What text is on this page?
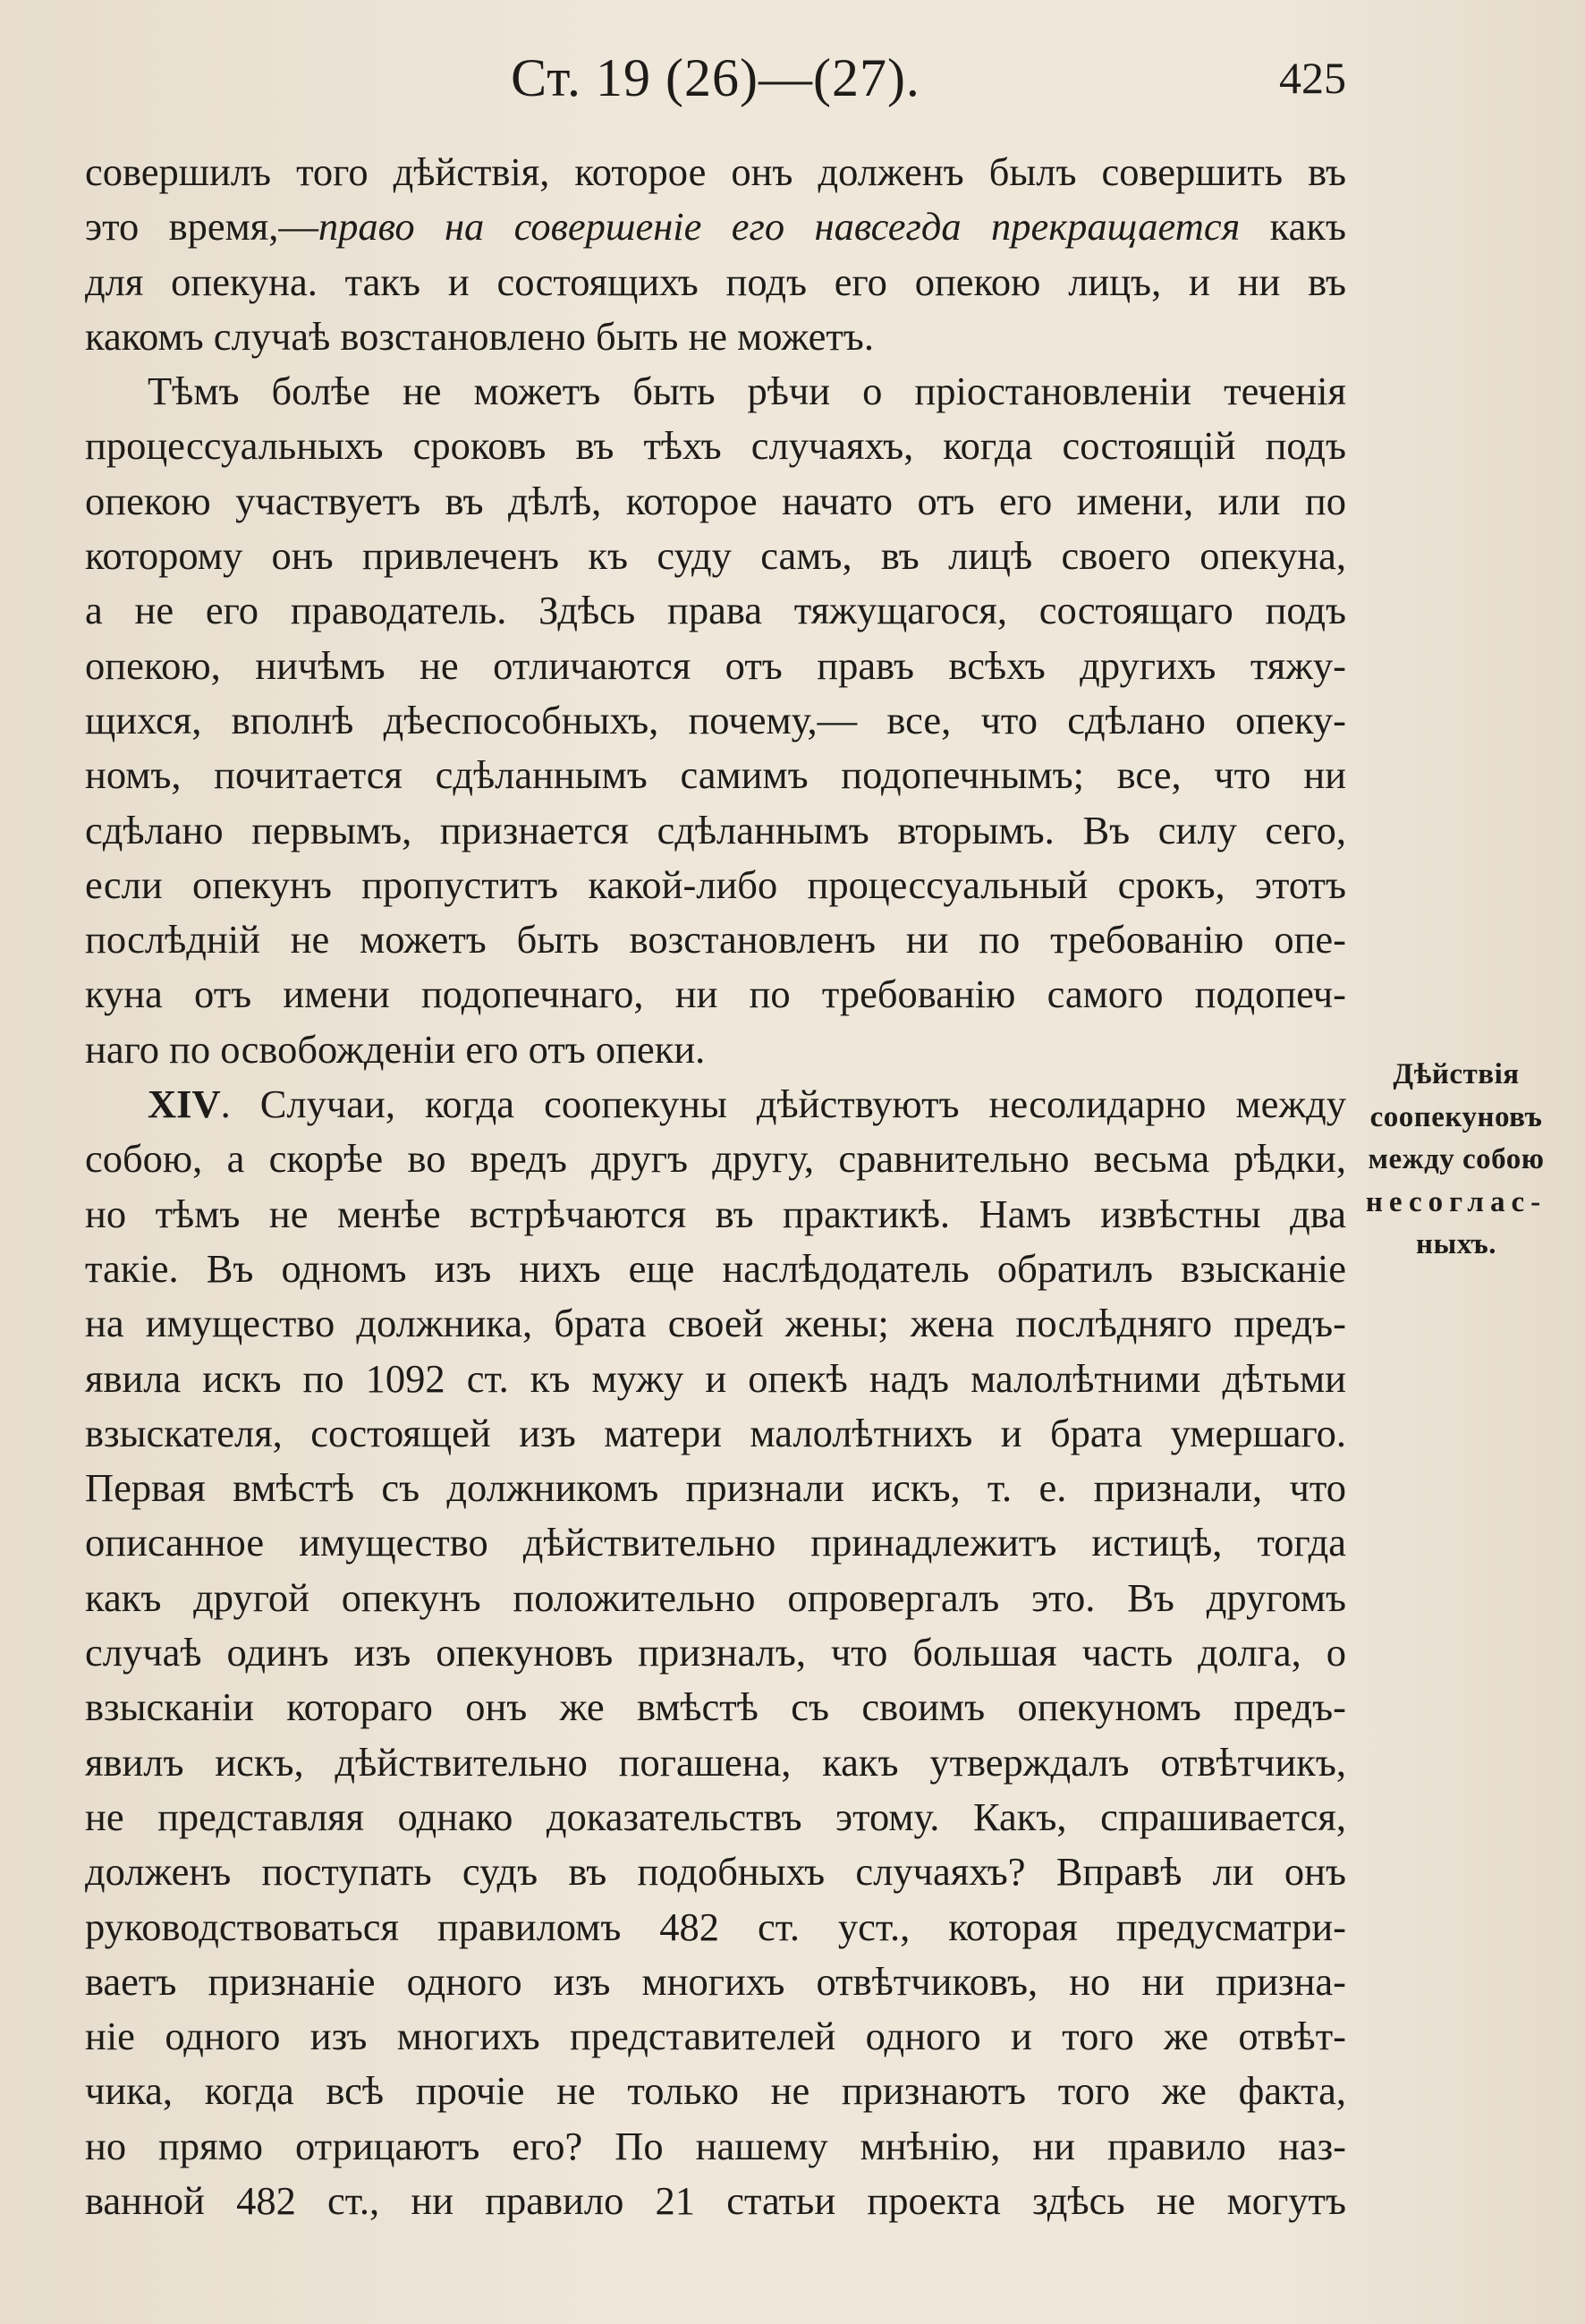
Ст. 19 (26)—(27).	425
совершилъ того дѣйствія, которое онъ долженъ былъ совершить въ
это время,—право на совершеніе его навсегда прекращается какъ
для опекуна. такъ и состоящихъ подъ его опекою лицъ, и ни въ
какомъ случаѣ возстановлено быть не можетъ.
Тѣмъ болѣе не можетъ быть рѣчи о пріостановленіи теченія
процессуальныхъ сроковъ въ тѣхъ случаяхъ, когда состоящій подъ
опекою участвуетъ въ дѣлѣ, которое начато отъ его имени, или по
которому онъ привлеченъ къ суду самъ, въ лицѣ своего опекуна,
а не его праводатель. Здѣсь права тяжущагося, состоящаго подъ
опекою, ничѣмъ не отличаются отъ правъ всѣхъ другихъ тяжу-
щихся, вполнѣ дѣеспособныхъ, почему,— все, что сдѣлано опеку-
номъ, почитается сдѣланнымъ самимъ подопечнымъ; все, что ни
сдѣлано первымъ, признается сдѣланнымъ вторымъ. Въ силу сего,
если опекунъ пропуститъ какой-либо процессуальный срокъ, этотъ
послѣдній не можетъ быть возстановленъ ни по требованію опе-
куна отъ имени подопечнаго, ни по требованію самого подопеч-
наго по освобожденіи его отъ опеки.
XIV. Случаи, когда соопекуны дѣйствуютъ несолидарно между
собою, а скорѣе во вредъ другъ другу, сравнительно весьма рѣдки,
но тѣмъ не менѣе встрѣчаются въ практикѣ. Намъ извѣстны два
такіе. Въ одномъ изъ нихъ еще наслѣдодатель обратилъ взысканіе
на имущество должника, брата своей жены; жена послѣдняго предъ-
явила искъ по 1092 ст. къ мужу и опекѣ надъ малолѣтними дѣтьми
взыскателя, состоящей изъ матери малолѣтнихъ и брата умершаго.
Первая вмѣстѣ съ должникомъ признали искъ, т. е. признали, что
описанное имущество дѣйствительно принадлежитъ истицѣ, тогда
какъ другой опекунъ положительно опровергалъ это. Въ другомъ
случаѣ одинъ изъ опекуновъ призналъ, что большая часть долга, о
взысканіи котораго онъ же вмѣстѣ съ своимъ опекуномъ предъ-
явилъ искъ, дѣйствительно погашена, какъ утверждалъ отвѣтчикъ,
не представляя однако доказательствъ этому. Какъ, спрашивается,
долженъ поступать судъ въ подобныхъ случаяхъ? Вправѣ ли онъ
руководствоваться правиломъ 482 ст. уст., которая предусматри-
ваетъ признаніе одного изъ многихъ отвѣтчиковъ, но ни призна-
ніе одного изъ многихъ представителей одного и того же отвѣт-
чика, когда всѣ прочіе не только не признаютъ того же факта,
но прямо отрицаютъ его? По нашему мнѣнію, ни правило наз-
ванной 482 ст., ни правило 21 статьи проекта здѣсь не могутъ
Дѣйствія
соопекуновъ
между собою
несоглас-
ныхъ.
